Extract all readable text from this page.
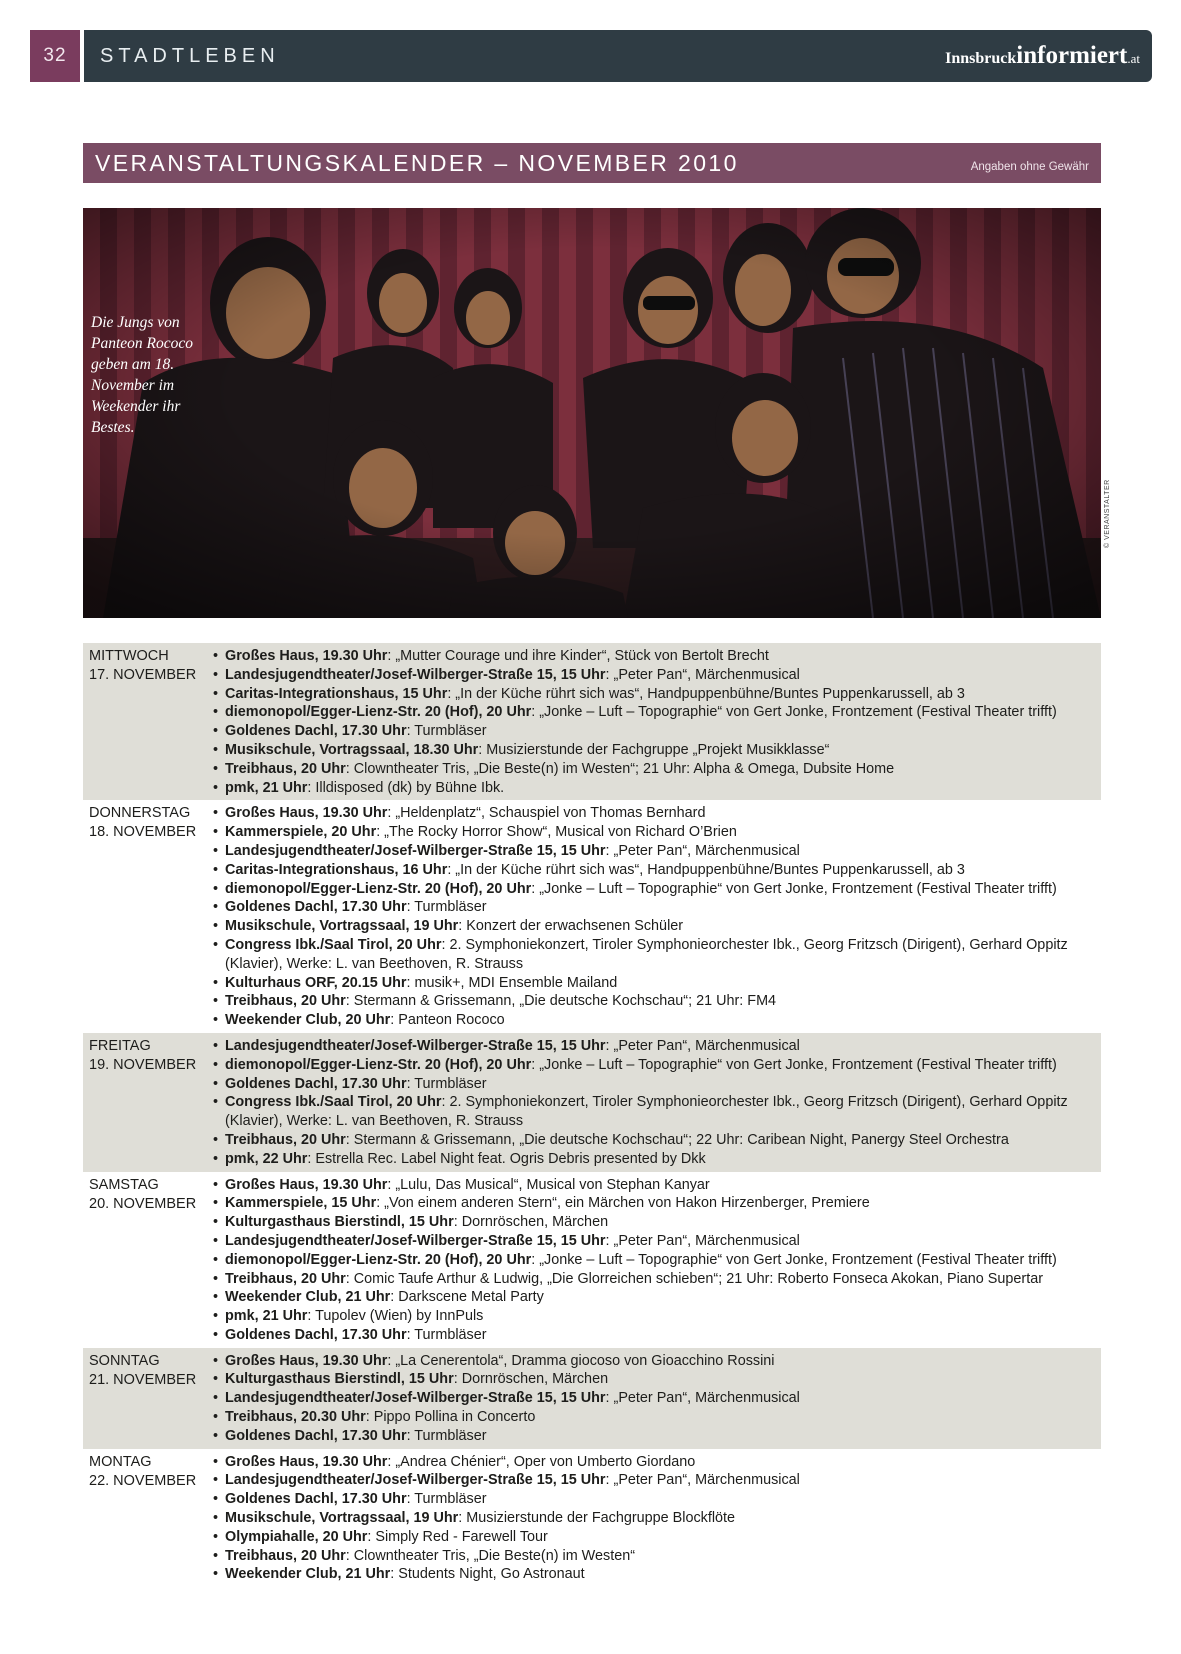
32	STADTLEBEN	Innsbruck informiert .at
VERANSTALTUNGSKALENDER – NOVEMBER 2010	Angaben ohne Gewähr
Die Jungs von Panteon Rococo geben am 18. November im Weekender ihr Bestes.
© VERANSTALTER
MITTWOCH
17. NOVEMBER
• Großes Haus, 19.30 Uhr: „Mutter Courage und ihre Kinder“, Stück von Bertolt Brecht
• Landesjugendtheater/Josef-Wilberger-Straße 15, 15 Uhr: „Peter Pan“, Märchenmusical
• Caritas-Integrationshaus, 15 Uhr: „In der Küche rührt sich was“, Handpuppenbühne/Buntes Puppenkarussell, ab 3
• diemonopol/Egger-Lienz-Str. 20 (Hof), 20 Uhr: „Jonke – Luft – Topographie“ von Gert Jonke, Frontzement (Festival Theater trifft)
• Goldenes Dachl, 17.30 Uhr: Turmbläser
• Musikschule, Vortragssaal, 18.30 Uhr: Musizierstunde der Fachgruppe „Projekt Musikklasse“
• Treibhaus, 20 Uhr: Clowntheater Tris, „Die Beste(n) im Westen“; 21 Uhr: Alpha & Omega, Dubsite Home
• pmk, 21 Uhr: Illdisposed (dk) by Bühne Ibk.
DONNERSTAG
18. NOVEMBER
• Großes Haus, 19.30 Uhr: „Heldenplatz“, Schauspiel von Thomas Bernhard
• Kammerspiele, 20 Uhr: „The Rocky Horror Show“, Musical von Richard O’Brien
• Landesjugendtheater/Josef-Wilberger-Straße 15, 15 Uhr: „Peter Pan“, Märchenmusical
• Caritas-Integrationshaus, 16 Uhr: „In der Küche rührt sich was“, Handpuppenbühne/Buntes Puppenkarussell, ab 3
• diemonopol/Egger-Lienz-Str. 20 (Hof), 20 Uhr: „Jonke – Luft – Topographie“ von Gert Jonke, Frontzement (Festival Theater trifft)
• Goldenes Dachl, 17.30 Uhr: Turmbläser
• Musikschule, Vortragssaal, 19 Uhr: Konzert der erwachsenen Schüler
• Congress Ibk./Saal Tirol, 20 Uhr: 2. Symphoniekonzert, Tiroler Symphonieorchester Ibk., Georg Fritzsch (Dirigent), Gerhard Oppitz (Klavier), Werke: L. van Beethoven, R. Strauss
• Kulturhaus ORF, 20.15 Uhr: musik+, MDI Ensemble Mailand
• Treibhaus, 20 Uhr: Stermann & Grissemann, „Die deutsche Kochschau“; 21 Uhr: FM4
• Weekender Club, 20 Uhr: Panteon Rococo
FREITAG
19. NOVEMBER
• Landesjugendtheater/Josef-Wilberger-Straße 15, 15 Uhr: „Peter Pan“, Märchenmusical
• diemonopol/Egger-Lienz-Str. 20 (Hof), 20 Uhr: „Jonke – Luft – Topographie“ von Gert Jonke, Frontzement (Festival Theater trifft)
• Goldenes Dachl, 17.30 Uhr: Turmbläser
• Congress Ibk./Saal Tirol, 20 Uhr: 2. Symphoniekonzert, Tiroler Symphonieorchester Ibk., Georg Fritzsch (Dirigent), Gerhard Oppitz (Klavier), Werke: L. van Beethoven, R. Strauss
• Treibhaus, 20 Uhr: Stermann & Grissemann, „Die deutsche Kochschau“; 22 Uhr: Caribean Night, Panergy Steel Orchestra
• pmk, 22 Uhr: Estrella Rec. Label Night feat. Ogris Debris presented by Dkk
SAMSTAG
20. NOVEMBER
• Großes Haus, 19.30 Uhr: „Lulu, Das Musical“, Musical von Stephan Kanyar
• Kammerspiele, 15 Uhr: „Von einem anderen Stern“, ein Märchen von Hakon Hirzenberger, Premiere
• Kulturgasthaus Bierstindl, 15 Uhr: Dornröschen, Märchen
• Landesjugendtheater/Josef-Wilberger-Straße 15, 15 Uhr: „Peter Pan“, Märchenmusical
• diemonopol/Egger-Lienz-Str. 20 (Hof), 20 Uhr: „Jonke – Luft – Topographie“ von Gert Jonke, Frontzement (Festival Theater trifft)
• Treibhaus, 20 Uhr: Comic Taufe Arthur & Ludwig, „Die Glorreichen schieben“; 21 Uhr: Roberto Fonseca Akokan, Piano Supertar
• Weekender Club, 21 Uhr: Darkscene Metal Party
• pmk, 21 Uhr: Tupolev (Wien) by InnPuls
• Goldenes Dachl, 17.30 Uhr: Turmbläser
SONNTAG
21. NOVEMBER
• Großes Haus, 19.30 Uhr: „La Cenerentola“, Dramma giocoso von Gioacchino Rossini
• Kulturgasthaus Bierstindl, 15 Uhr: Dornröschen, Märchen
• Landesjugendtheater/Josef-Wilberger-Straße 15, 15 Uhr: „Peter Pan“, Märchenmusical
• Treibhaus, 20.30 Uhr: Pippo Pollina in Concerto
• Goldenes Dachl, 17.30 Uhr: Turmbläser
MONTAG
22. NOVEMBER
• Großes Haus, 19.30 Uhr: „Andrea Chénier“, Oper von Umberto Giordano
• Landesjugendtheater/Josef-Wilberger-Straße 15, 15 Uhr: „Peter Pan“, Märchenmusical
• Goldenes Dachl, 17.30 Uhr: Turmbläser
• Musikschule, Vortragssaal, 19 Uhr: Musizierstunde der Fachgruppe Blockflöte
• Olympiahalle, 20 Uhr: Simply Red - Farewell Tour
• Treibhaus, 20 Uhr: Clowntheater Tris, „Die Beste(n) im Westen“
• Weekender Club, 21 Uhr: Students Night, Go Astronaut
